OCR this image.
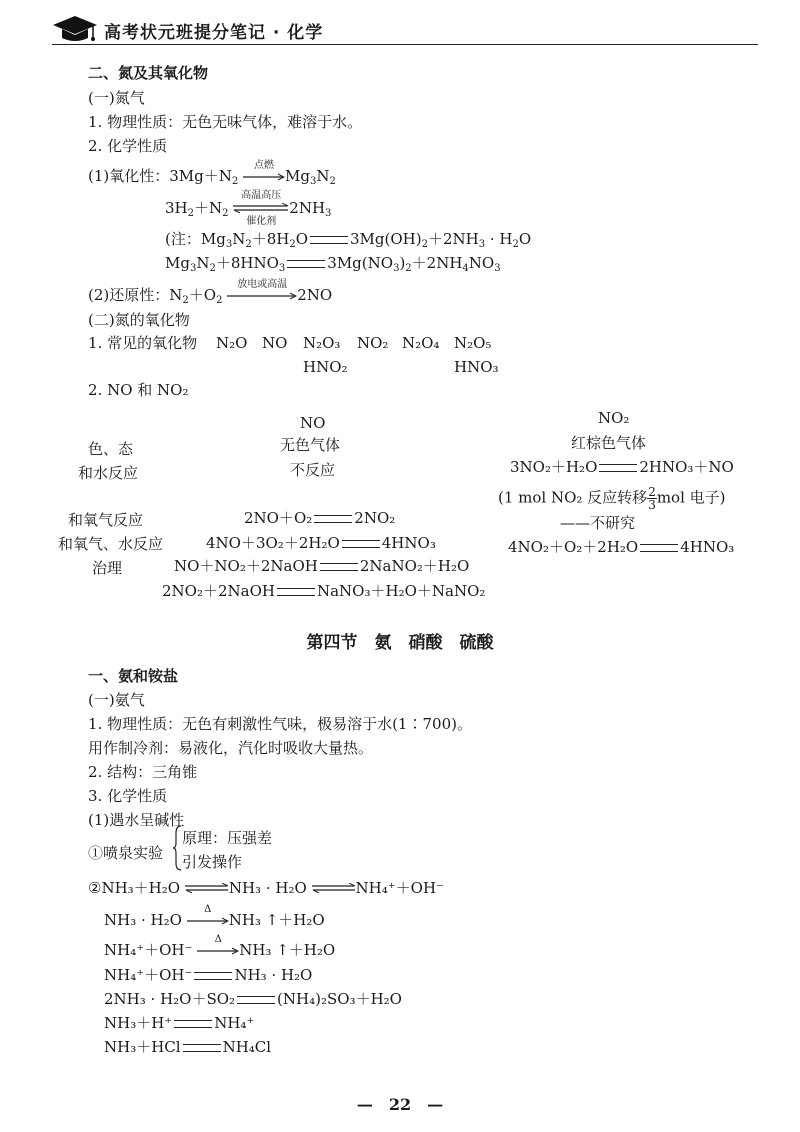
高考状元班提分笔记 · 化学
二、氮及其氧化物
(一)氮气
1. 物理性质：无色无味气体，难溶于水。
2. 化学性质
(1)氧化性：$3Mg+N_2$
点燃
$Mg_3N_2$
$3H_2+N_2$
高温高压
催化剂
$2NH_3$
(注：$Mg_3N_2+8H_2O$	$3Mg(OH)_2+2NH_3 \cdot H_2O$
$Mg_3N_2+8HNO_3$	$3Mg(NO_3)_2+2NH_4NO_3$
(2)还原性：$N_2+O_2$
放电或高温
2NO
(二)氮的氧化物
1. 常见的氧化物 N₂O NO N₂O₃ NO₂ N₂O₄ N₂O₅
HNO₂	HNO₃
2. NO 和 NO₂
NO	NO₂
色、态	无色气体	红棕色气体
和水反应	不反应	3NO₂＋H₂O	2HNO₃＋NO
(1 mol NO₂ 反应转移 $\frac{2}{3}$ mol 电子)
——不研究
和氧气反应	2NO＋O₂	2NO₂
和氧气、水反应	4NO＋3O₂＋2H₂O	4HNO₃	4NO₂＋O₂＋2H₂O	4HNO₃
治理	NO＋NO₂＋2NaOH	2NaNO₂＋H₂O
2NO₂＋2NaOH	NaNO₃＋H₂O＋NaNO₂
第四节　氨　硝酸　硫酸
一、氨和铵盐
(一)氨气
1. 物理性质：无色有刺激性气味，极易溶于水(1∶700)。
用作制冷剂：易液化，汽化时吸收大量热。
2. 结构：三角锥
3. 化学性质
(1)遇水呈碱性
①喷泉实验
原理：压强差
引发操作
②NH₃＋H₂O ⇌NH₃ · H₂O ⇌NH₄⁺＋OH⁻
NH₃ · H₂O
Δ
NH₃ ↑＋H₂O
NH₄⁺＋OH⁻
Δ
NH₃ ↑＋H₂O
NH₄⁺＋OH⁻	NH₃ · H₂O
2NH₃ · H₂O＋SO₂	(NH₄)₂SO₃＋H₂O
NH₃＋H⁺	NH₄⁺
NH₃＋HCl	NH₄Cl
—　22　—
